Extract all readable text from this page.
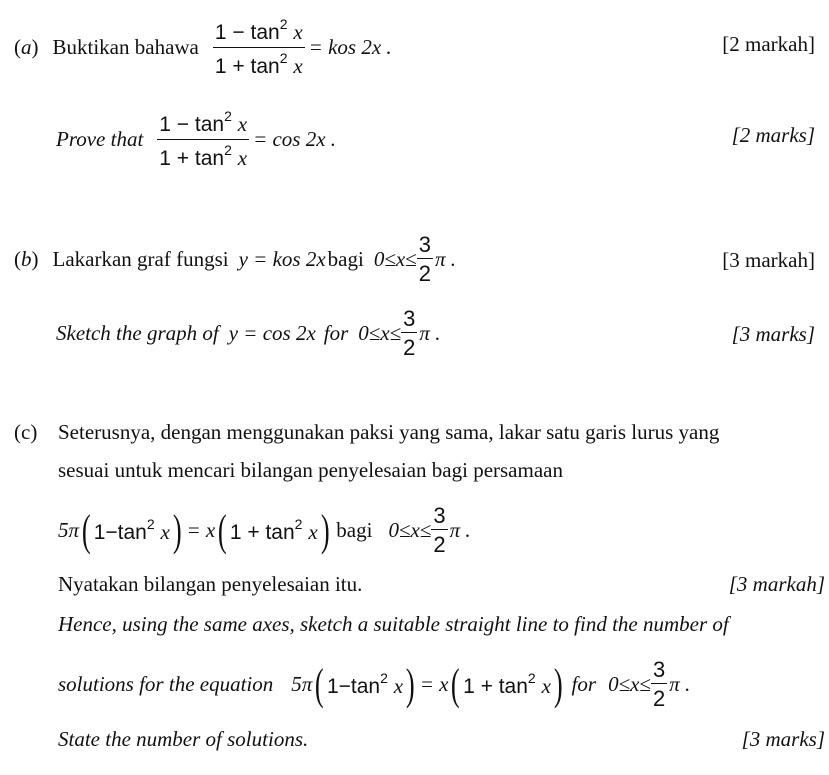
(a) Buktikan bahawa $\frac{1 - \tan^2 x}{1 + \tan^2 x}$ = kos 2x .	[2 markah]
Prove that $\frac{1 - \tan^2 x}{1 + \tan^2 x} = \cos 2x$ .	[2 marks]
(b) Lakarkan graf fungsi y = kos 2x bagi $0\le x\le \frac{3}{2}$ π .	[3 markah]
Sketch the graph of y = cos 2x for $0\le x\le \frac{3}{2}$ π .	[3 marks]
(c) Seterusnya, dengan menggunakan paksi yang sama, lakar satu garis lurus yang
sesuai untuk mencari bilangan penyelesaian bagi persamaan
5π ( $1-\tan^2$ x ) = x ( $1 + \tan^2 x$ ) bagi $0\le x\le \frac{3}{2}$ π .
Nyatakan bilangan penyelesaian itu.	[3 markah]
Hence, using the same axes, sketch a suitable straight line to find the number of
solutions for the equation 5π ( $1-\tan^2$ x ) = x ( $1 + \tan^2 x$ ) for $0\le x\le \frac{3}{2}$ π .
State the number of solutions.	[3 marks]
